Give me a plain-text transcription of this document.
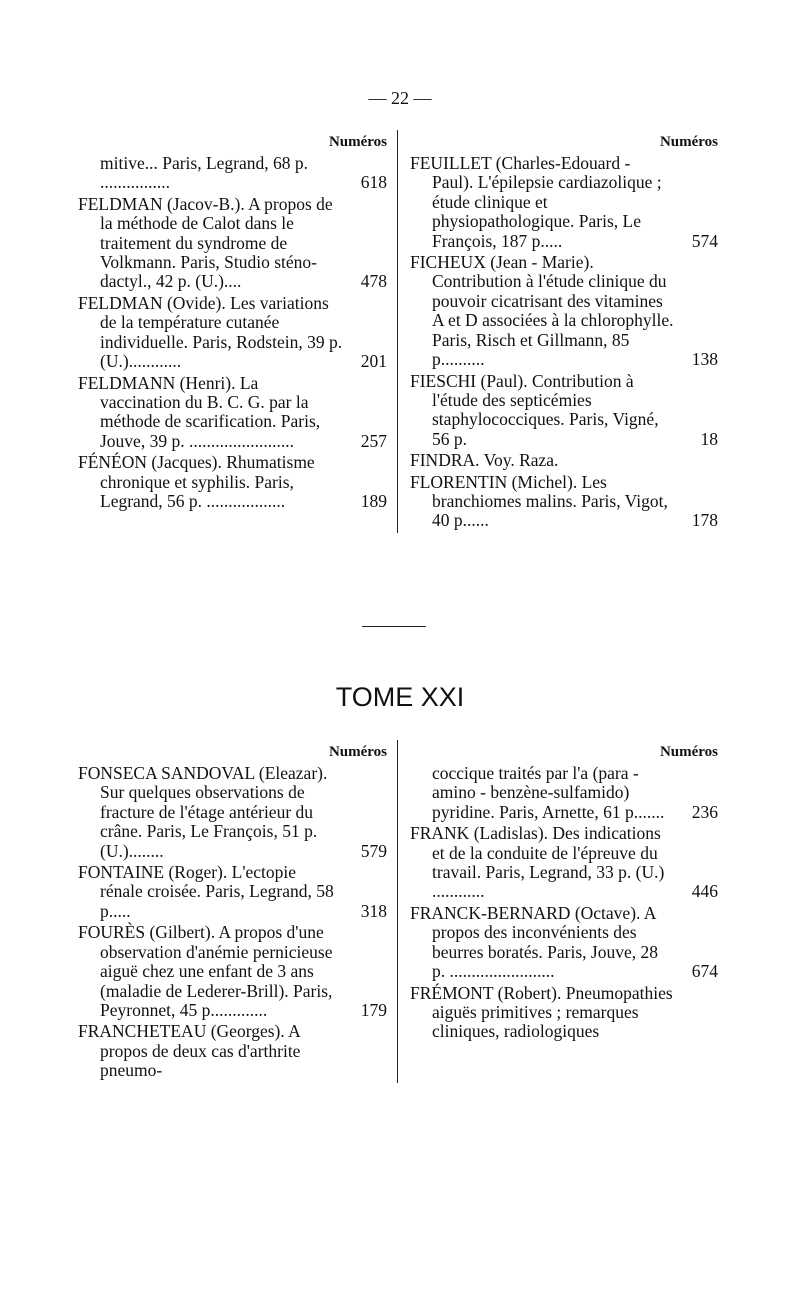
— 22 —
Numéros
mitive... Paris, Legrand, 68 p. ................	618
FELDMAN (Jacov-B.). A propos de la méthode de Calot dans le traitement du syndrome de Volkmann. Paris, Studio sténo-dactyl., 42 p. (U.)....	478
FELDMAN (Ovide). Les variations de la température cutanée individuelle. Paris, Rodstein, 39 p. (U.)............	201
FELDMANN (Henri). La vaccination du B. C. G. par la méthode de scarification. Paris, Jouve, 39 p. ........................	257
FÉNÉON (Jacques). Rhumatisme chronique et syphilis. Paris, Legrand, 56 p. ..................	189
Numéros
FEUILLET (Charles-Edouard - Paul). L'épilepsie cardiazolique ; étude clinique et physiopathologique. Paris, Le François, 187 p.....	574
FICHEUX (Jean - Marie). Contribution à l'étude clinique du pouvoir cicatrisant des vitamines A et D associées à la chlorophylle. Paris, Risch et Gillmann, 85 p..........	138
FIESCHI (Paul). Contribution à l'étude des septicémies staphylococciques. Paris, Vigné, 56 p.	18
FINDRA. Voy. Raza.
FLORENTIN (Michel). Les branchiomes malins. Paris, Vigot, 40 p......	178
TOME XXI
Numéros
FONSECA SANDOVAL (Eleazar). Sur quelques observations de fracture de l'étage antérieur du crâne. Paris, Le François, 51 p. (U.)........	579
FONTAINE (Roger). L'ectopie rénale croisée. Paris, Legrand, 58 p.....	318
FOURÈS (Gilbert). A propos d'une observation d'anémie pernicieuse aiguë chez une enfant de 3 ans (maladie de Lederer-Brill). Paris, Peyronnet, 45 p.............	179
FRANCHETEAU (Georges). A propos de deux cas d'arthrite pneumo-
Numéros
coccique traités par l'a (para - amino - benzène-sulfamido) pyridine. Paris, Arnette, 61 p.......	236
FRANK (Ladislas). Des indications et de la conduite de l'épreuve du travail. Paris, Legrand, 33 p. (U.) ............	446
FRANCK-BERNARD (Octave). A propos des inconvénients des beurres boratés. Paris, Jouve, 28 p. ........................	674
FRÉMONT (Robert). Pneumopathies aiguës primitives ; remarques cliniques, radiologiques
